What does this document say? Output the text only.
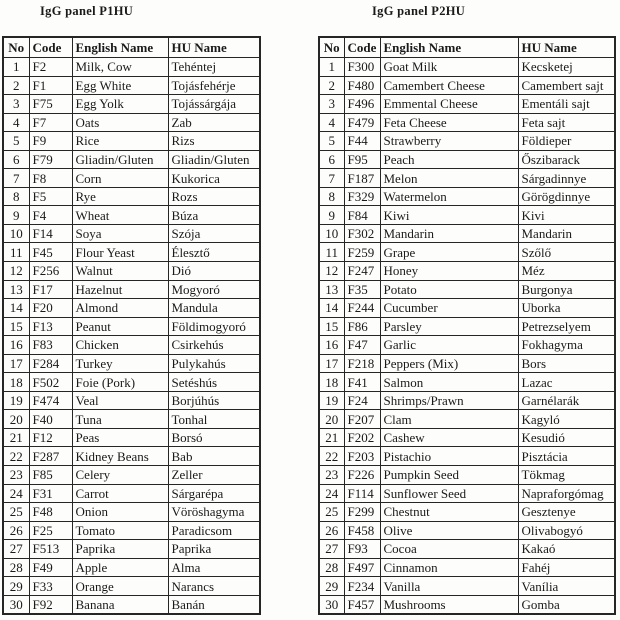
IgG panel P1HU	IgG panel P2HU
No	Code	English Name	HU Name
1	F2	Milk, Cow	Tehéntej
2	F1	Egg White	Tojásfehérje
3	F75	Egg Yolk	Tojássárgája
4	F7	Oats	Zab
5	F9	Rice	Rizs
6	F79	Gliadin/Gluten	Gliadin/Gluten
7	F8	Corn	Kukorica
8	F5	Rye	Rozs
9	F4	Wheat	Búza
10	F14	Soya	Szója
11	F45	Flour Yeast	Élesztő
12	F256	Walnut	Dió
13	F17	Hazelnut	Mogyoró
14	F20	Almond	Mandula
15	F13	Peanut	Földimogyoró
16	F83	Chicken	Csirkehús
17	F284	Turkey	Pulykahús
18	F502	Foie (Pork)	Setéshús
19	F474	Veal	Borjúhús
20	F40	Tuna	Tonhal
21	F12	Peas	Borsó
22	F287	Kidney Beans	Bab
23	F85	Celery	Zeller
24	F31	Carrot	Sárgarépa
25	F48	Onion	Vöröshagyma
26	F25	Tomato	Paradicsom
27	F513	Paprika	Paprika
28	F49	Apple	Alma
29	F33	Orange	Narancs
30	F92	Banana	Banán
No	Code	English Name	HU Name
1	F300	Goat Milk	Kecsketej
2	F480	Camembert Cheese	Camembert sajt
3	F496	Emmental Cheese	Ementáli sajt
4	F479	Feta Cheese	Feta sajt
5	F44	Strawberry	Földieper
6	F95	Peach	Őszibarack
7	F187	Melon	Sárgadinnye
8	F329	Watermelon	Görögdinnye
9	F84	Kiwi	Kivi
10	F302	Mandarin	Mandarin
11	F259	Grape	Szőlő
12	F247	Honey	Méz
13	F35	Potato	Burgonya
14	F244	Cucumber	Uborka
15	F86	Parsley	Petrezselyem
16	F47	Garlic	Fokhagyma
17	F218	Peppers (Mix)	Bors
18	F41	Salmon	Lazac
19	F24	Shrimps/Prawn	Garnélarák
20	F207	Clam	Kagyló
21	F202	Cashew	Kesudió
22	F203	Pistachio	Pisztácia
23	F226	Pumpkin Seed	Tökmag
24	F114	Sunflower Seed	Napraforgómag
25	F299	Chestnut	Gesztenye
26	F458	Olive	Olivabogyó
27	F93	Cocoa	Kakaó
28	F497	Cinnamon	Fahéj
29	F234	Vanilla	Vanília
30	F457	Mushrooms	Gomba
